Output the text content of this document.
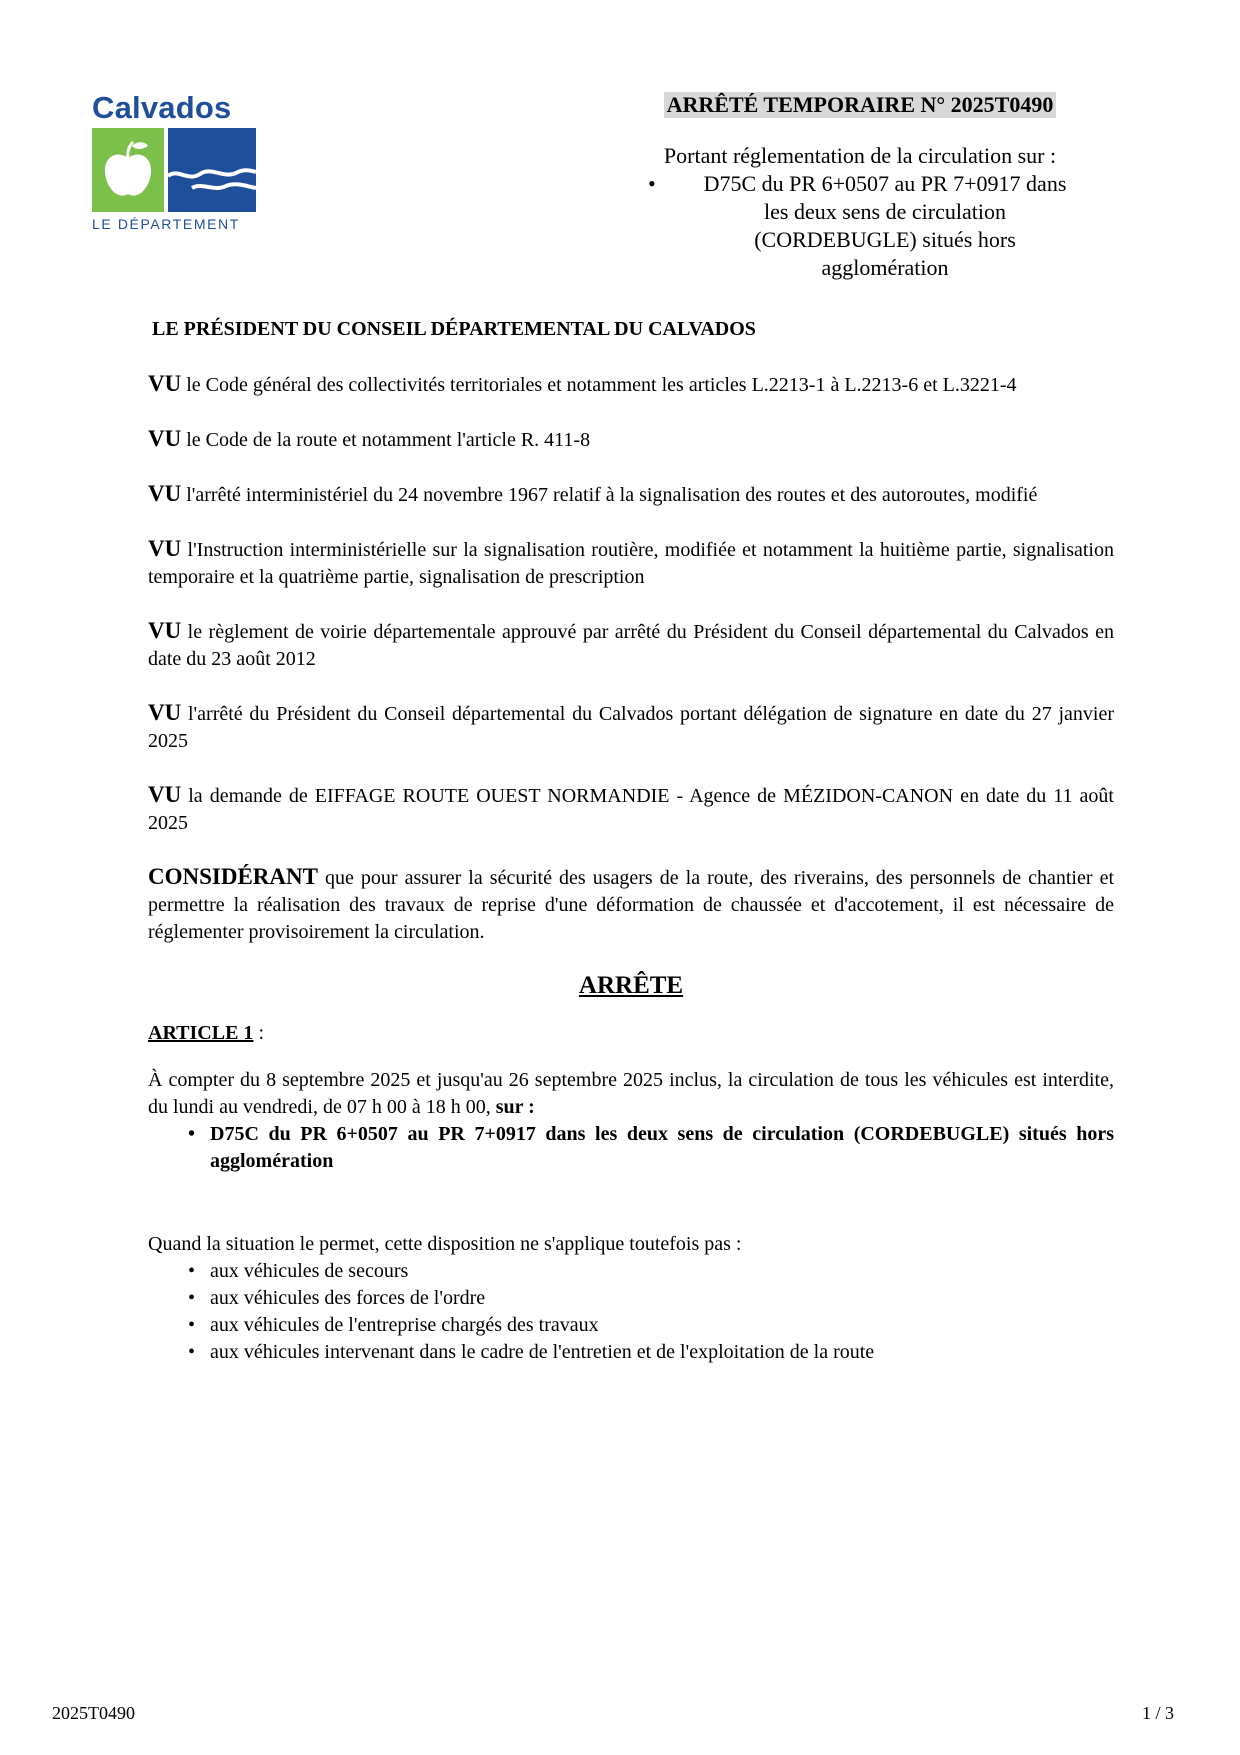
Calvados
LE DÉPARTEMENT
ARRÊTÉ TEMPORAIRE N° 2025T0490
Portant réglementation de la circulation sur :
• D75C du PR 6+0507 au PR 7+0917 dans
les deux sens de circulation
(CORDEBUGLE) situés hors
agglomération
LE PRÉSIDENT DU CONSEIL DÉPARTEMENTAL DU CALVADOS

VU le Code général des collectivités territoriales et notamment les articles L.2213-1 à L.2213-6 et L.3221-4

VU le Code de la route et notamment l'article R. 411-8

VU l'arrêté interministériel du 24 novembre 1967 relatif à la signalisation des routes et des autoroutes, modifié

VU l'Instruction interministérielle sur la signalisation routière, modifiée et notamment la huitième partie, signalisation temporaire et la quatrième partie, signalisation de prescription

VU le règlement de voirie départementale approuvé par arrêté du Président du Conseil départemental du Calvados en date du 23 août 2012

VU l'arrêté du Président du Conseil départemental du Calvados portant délégation de signature en date du 27 janvier 2025

VU la demande de EIFFAGE ROUTE OUEST NORMANDIE - Agence de MÉZIDON-CANON en date du 11 août 2025

CONSIDÉRANT que pour assurer la sécurité des usagers de la route, des riverains, des personnels de chantier et permettre la réalisation des travaux de reprise d'une déformation de chaussée et d'accotement, il est nécessaire de réglementer provisoirement la circulation.

ARRÊTE
ARTICLE 1 :

À compter du 8 septembre 2025 et jusqu'au 26 septembre 2025 inclus, la circulation de tous les véhicules est interdite, du lundi au vendredi, de 07 h 00 à 18 h 00, sur :

• D75C du PR 6+0507 au PR 7+0917 dans les deux sens de circulation (CORDEBUGLE) situés hors agglomération

Quand la situation le permet, cette disposition ne s'applique toutefois pas :

• aux véhicules de secours
• aux véhicules des forces de l'ordre
• aux véhicules de l'entreprise chargés des travaux
• aux véhicules intervenant dans le cadre de l'entretien et de l'exploitation de la route
2025T0490	1 / 3
